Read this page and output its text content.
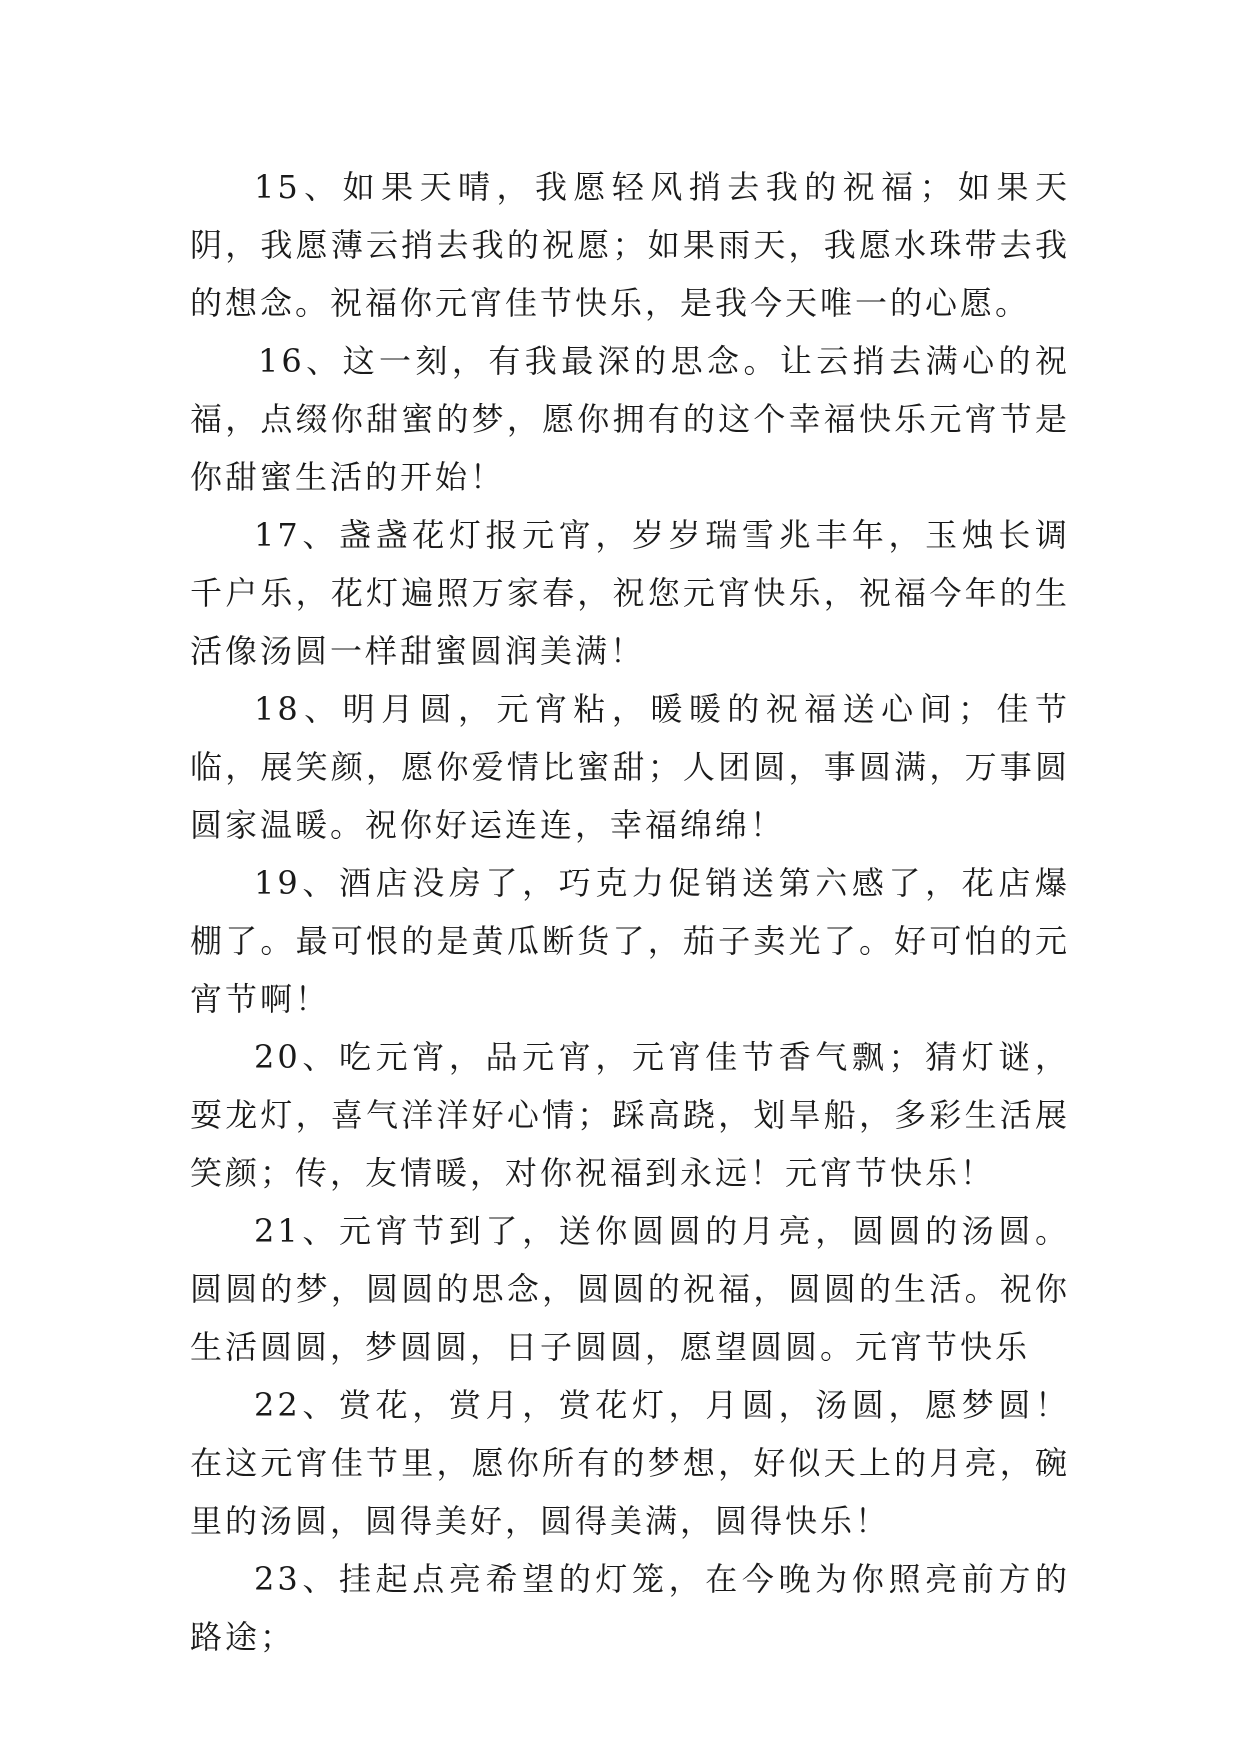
15、如果天晴，我愿轻风捎去我的祝福；如果天阴，我愿薄云捎去我的祝愿；如果雨天，我愿水珠带去我的想念。祝福你元宵佳节快乐，是我今天唯一的心愿。

16、这一刻，有我最深的思念。让云捎去满心的祝福，点缀你甜蜜的梦，愿你拥有的这个幸福快乐元宵节是你甜蜜生活的开始！

17、盏盏花灯报元宵，岁岁瑞雪兆丰年，玉烛长调千户乐，花灯遍照万家春，祝您元宵快乐，祝福今年的生活像汤圆一样甜蜜圆润美满！

18、明月圆，元宵粘，暖暖的祝福送心间；佳节临，展笑颜，愿你爱情比蜜甜；人团圆，事圆满，万事圆圆家温暖。祝你好运连连，幸福绵绵！

19、酒店没房了，巧克力促销送第六感了，花店爆棚了。最可恨的是黄瓜断货了，茄子卖光了。好可怕的元宵节啊！

20、吃元宵，品元宵，元宵佳节香气飘；猜灯谜，耍龙灯，喜气洋洋好心情；踩高跷，划旱船，多彩生活展笑颜；传，友情暖，对你祝福到永远！元宵节快乐！

21、元宵节到了，送你圆圆的月亮，圆圆的汤圆。圆圆的梦，圆圆的思念，圆圆的祝福，圆圆的生活。祝你生活圆圆，梦圆圆，日子圆圆，愿望圆圆。元宵节快乐

22、赏花，赏月，赏花灯，月圆，汤圆，愿梦圆！在这元宵佳节里，愿你所有的梦想，好似天上的月亮，碗里的汤圆，圆得美好，圆得美满，圆得快乐！

23、挂起点亮希望的灯笼，在今晚为你照亮前方的路途；
